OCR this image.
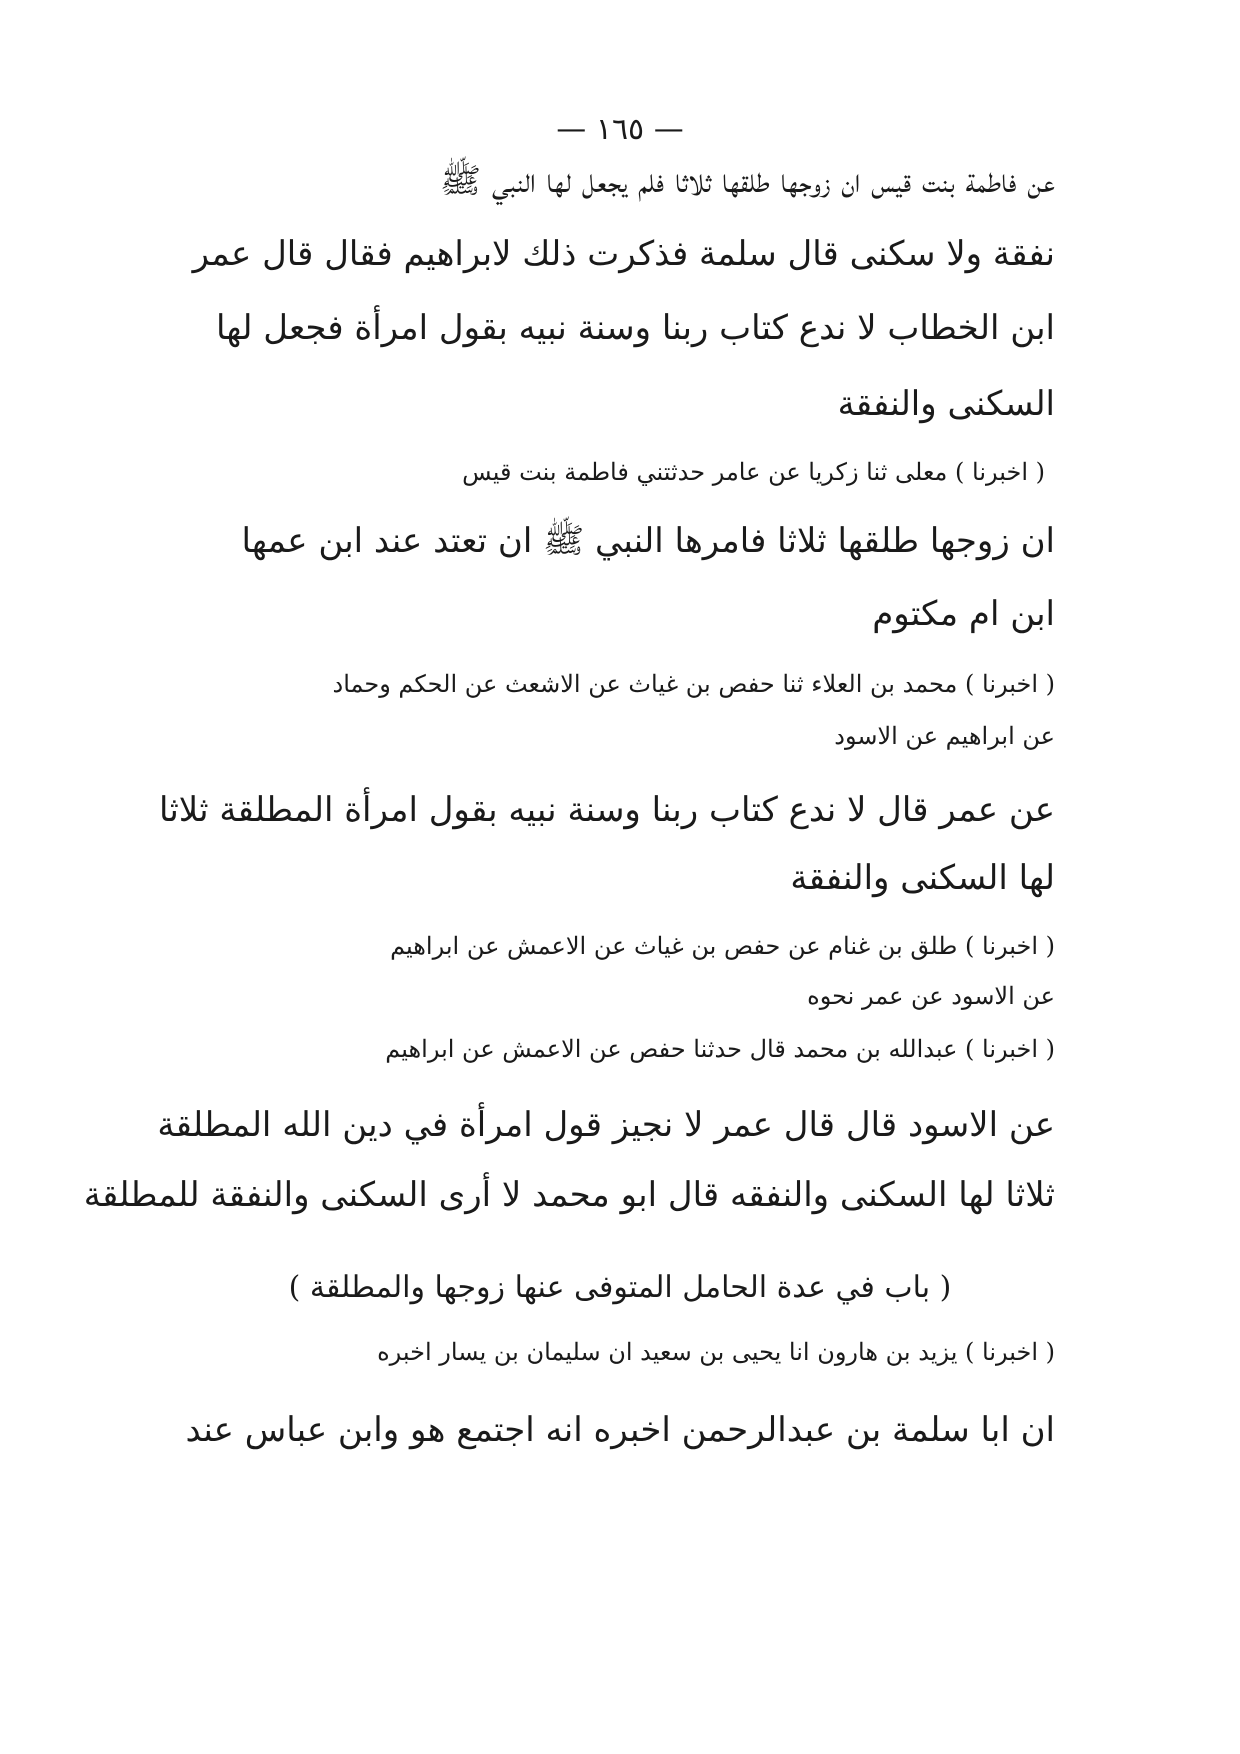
— ١٦٥ —
عن فاطمة بنت قيس ان زوجها طلقها ثلاثا فلم يجعل لها النبي ﷺ
نفقة ولا سكنى قال سلمة فذكرت ذلك لابراهيم فقال قال عمر
ابن الخطاب لا ندع كتاب ربنا وسنة نبيه بقول امرأة فجعل لها
السكنى والنفقة
( اخبرنا ) معلى ثنا زكريا عن عامر حدثتني فاطمة بنت قيس
ان زوجها طلقها ثلاثا فامرها النبي ﷺ ان تعتد عند ابن عمها
ابن ام مكتوم
( اخبرنا ) محمد بن العلاء ثنا حفص بن غياث عن الاشعث عن الحكم وحماد
عن ابراهيم عن الاسود
عن عمر قال لا ندع كتاب ربنا وسنة نبيه بقول امرأة المطلقة ثلاثا
لها السكنى والنفقة
( اخبرنا ) طلق بن غنام عن حفص بن غياث عن الاعمش عن ابراهيم
عن الاسود عن عمر نحوه
( اخبرنا ) عبدالله بن محمد قال حدثنا حفص عن الاعمش عن ابراهيم
عن الاسود قال قال عمر لا نجيز قول امرأة في دين الله المطلقة
ثلاثا لها السكنى والنفقه قال ابو محمد لا أرى السكنى والنفقة للمطلقة
( باب في عدة الحامل المتوفى عنها زوجها والمطلقة )
( اخبرنا ) يزيد بن هارون انا يحيى بن سعيد ان سليمان بن يسار اخبره
ان ابا سلمة بن عبدالرحمن اخبره انه اجتمع هو وابن عباس عند
